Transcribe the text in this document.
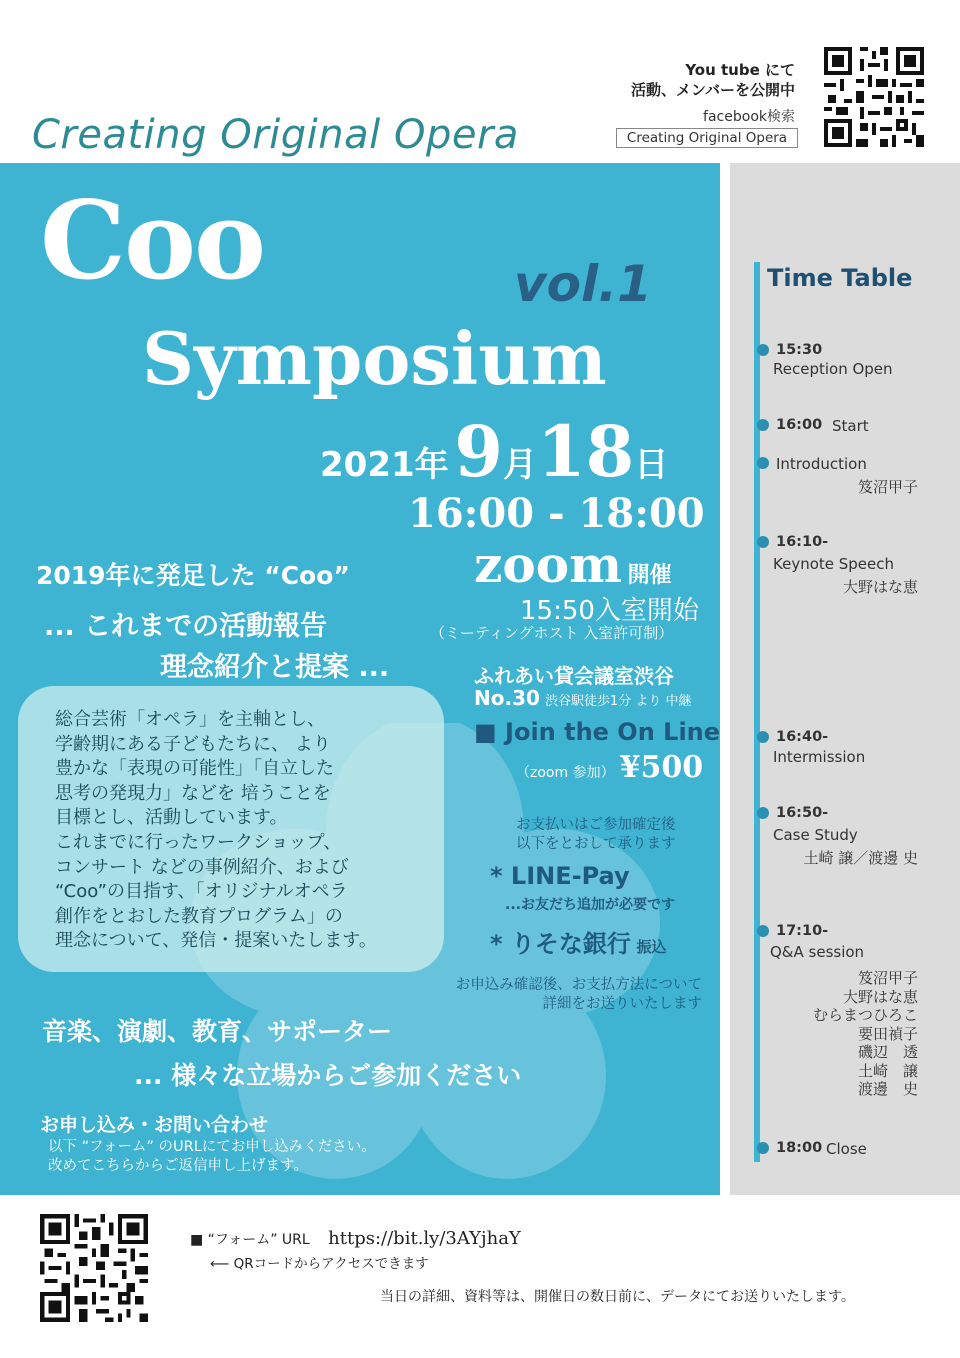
Creating Original Opera
You tube にて
活動、メンバーを公開中
facebook検索
Creating Original Opera
Coo	vol.1
Symposium
2021年 9月18日
16:00 - 18:00
zoom 開催
15:50入室開始
（ミーティングホスト 入室許可制）
2019年に発足した “Coo”
... これまでの活動報告
理念紹介と提案 ...	ふれあい貸会議室渋谷
No.30 渋谷駅徒歩1分 より 中継
■ Join the On Line
（zoom 参加） ¥500
総合芸術「オペラ」を主軸とし、
学齢期にある子どもたちに、 より
豊かな「表現の可能性」「自立した
思考の発現力」などを 培うことを
目標とし、活動しています。
これまでに行ったワークショップ、
コンサート などの事例紹介、および
“Coo”の目指す、「オリジナルオペラ
創作をとおした教育プログラム」の
理念について、発信・提案いたします。
お支払いはご参加確定後
以下をとおして承ります
* LINE-Pay
...お友だち追加が必要です
* りそな銀行 振込
お申込み確認後、お支払方法について
詳細をお送りいたします
音楽、演劇、教育、サポーター
... 様々な立場からご参加ください
お申し込み・お問い合わせ
以下 “フォーム” のURLにてお申し込みください。
改めてこちらからご返信申し上げます。
Time Table
15:30
Reception Open
16:00 Start
Introduction
笈沼甲子
16:10-
Keynote Speech
大野はな恵
16:40-
Intermission
16:50-
Case Study
土崎 譲／渡邊 史
17:10-
Q&A session
笈沼甲子
大野はな恵
むらまつひろこ
要田禎子
磯辺　透
土崎　譲
渡邊　史
18:00 Close
■ “フォーム” URL https://bit.ly/3AYjhaY
⟵ QRコードからアクセスできます
当日の詳細、資料等は、開催日の数日前に、データにてお送りいたします。
